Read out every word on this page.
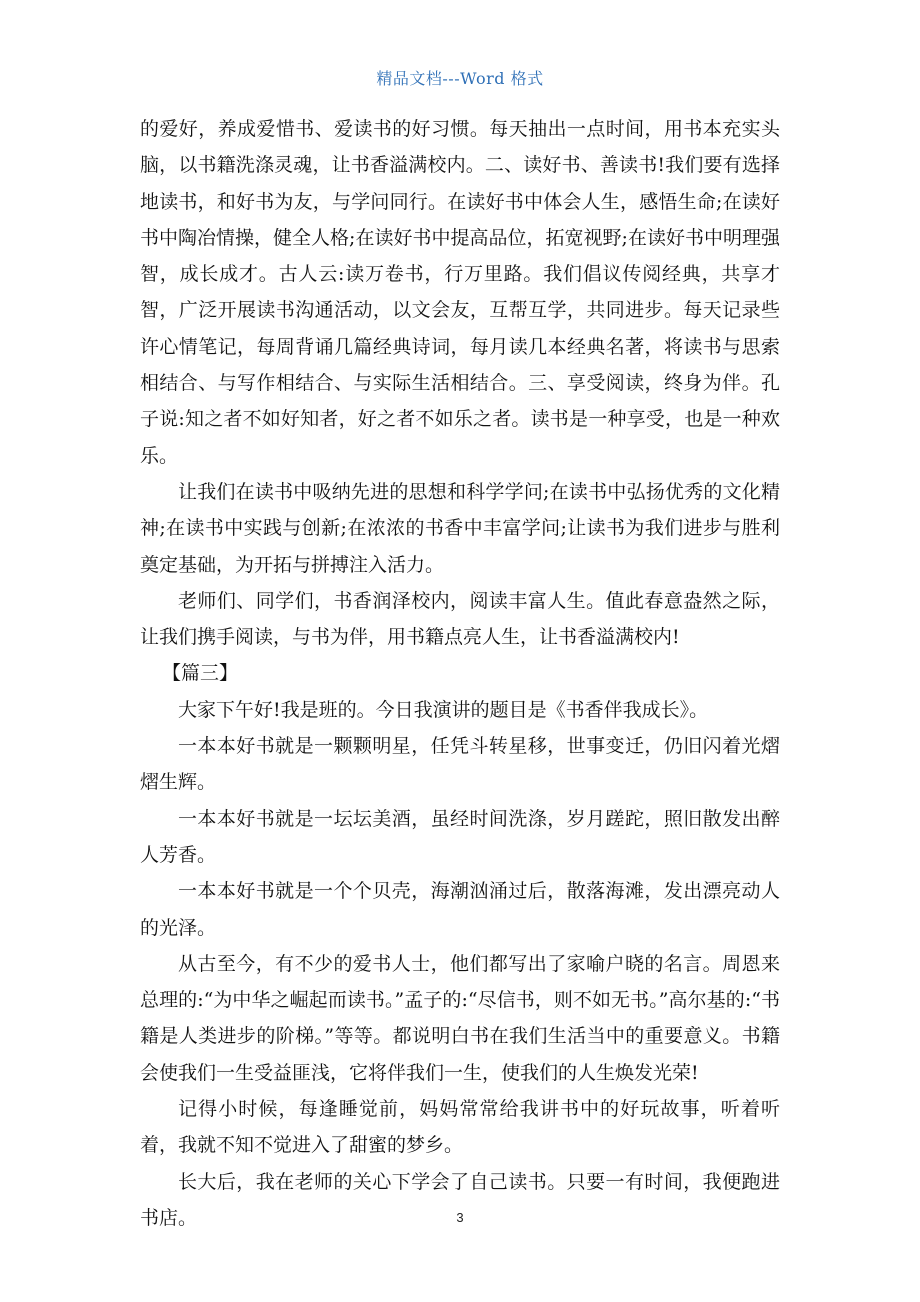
精品文档---Word 格式

的爱好，养成爱惜书、爱读书的好习惯。每天抽出一点时间，用书本充实头脑，以书籍洗涤灵魂，让书香溢满校内。二、读好书、善读书!我们要有选择地读书，和好书为友，与学问同行。在读好书中体会人生，感悟生命;在读好书中陶冶情操，健全人格;在读好书中提高品位，拓宽视野;在读好书中明理强智，成长成才。古人云:读万卷书，行万里路。我们倡议传阅经典，共享才智，广泛开展读书沟通活动，以文会友，互帮互学，共同进步。每天记录些许心情笔记，每周背诵几篇经典诗词，每月读几本经典名著，将读书与思索相结合、与写作相结合、与实际生活相结合。三、享受阅读，终身为伴。孔子说:知之者不如好知者，好之者不如乐之者。读书是一种享受，也是一种欢乐。

让我们在读书中吸纳先进的思想和科学学问;在读书中弘扬优秀的文化精神;在读书中实践与创新;在浓浓的书香中丰富学问;让读书为我们进步与胜利奠定基础，为开拓与拼搏注入活力。

老师们、同学们，书香润泽校内，阅读丰富人生。值此春意盎然之际，让我们携手阅读，与书为伴，用书籍点亮人生，让书香溢满校内!

【篇三】

大家下午好!我是班的。今日我演讲的题目是《书香伴我成长》。

一本本好书就是一颗颗明星，任凭斗转星移，世事变迁，仍旧闪着光熠熠生辉。

一本本好书就是一坛坛美酒，虽经时间洗涤，岁月蹉跎，照旧散发出醉人芳香。

一本本好书就是一个个贝壳，海潮汹涌过后，散落海滩，发出漂亮动人的光泽。

从古至今，有不少的爱书人士，他们都写出了家喻户晓的名言。周恩来总理的:“为中华之崛起而读书。”孟子的:“尽信书，则不如无书。”高尔基的:“书籍是人类进步的阶梯。”等等。都说明白书在我们生活当中的重要意义。书籍会使我们一生受益匪浅，它将伴我们一生，使我们的人生焕发光荣!

记得小时候，每逢睡觉前，妈妈常常给我讲书中的好玩故事，听着听着，我就不知不觉进入了甜蜜的梦乡。

长大后，我在老师的关心下学会了自己读书。只要一有时间，我便跑进书店。	3
